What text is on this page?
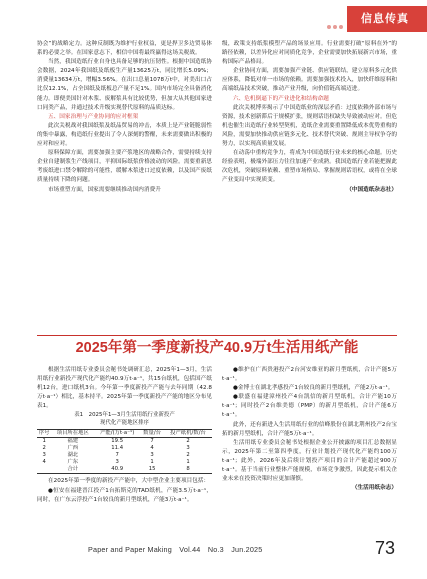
信息传真

协会”的战略定力。这种反制既为维护行业权益，更是捍卫多边贸易体系的必要之举。在国家意志下，相信中国将最终赢得这场关税战。

当然，我国造纸行业自身也具备足够的抗压韧性。根据中国造纸协会数据，2024年我国纸及纸板生产量13625万t，同比增长5.09%；消费量13634万t，增幅3.56%。在出口总量1078万t中，对美出口占比仅12.1%，占全国纸及纸板总产量不足1%。国内市场完全具备消化能力。即便美国针对木浆、废解浆具有比较优势，但加大从其他国家进口同类产品，并通过技术升级实现替代原料的品质达标。

五、国家治理与产业协同的应对框架

此次关税战对我国纸浆及纸品贸易的冲击，本质上是产业链脆弱性的集中暴露，构造纸行业提出了令人深刻的警醒，未来需要做出积极的应对和应对。

原料保障方面，需要加强主要产浆地区的战略合作，需要持续支持企业自建制浆生产线项目，平抑国际纸浆价格波动的风险。需要重新思考废纸进口禁令解除的可能性，缓解木浆进口过度依赖，以及国产废纸质量持续下降的问题。

市场重塑方面，国家需要继续推动国内消费升

级，政策支持纸浆模塑产品的场景应用。行业需要打破“原料在外”的路径依赖，以差异化应对同质化竞争，企业需要加快拓展新兴市场，重构国际产品格局。

企业协同方面，需要加强产业链、供应链联结，建立原料多元化供应体系，降低对单一市场的依赖。需要加强技术投入，加快纤维原料和高端纸品技术突破，推动产业升级，向价值链高端迈进。

六、危机倒逼下的产业进化和结构命题

此次关税博弈揭示了中国造纸业的深层矛盾：过度依赖外部市场与资源，技术创新滞后于规模扩张，规则话语权缺失导致被动应对。但危机也催生出造纸行业转型契机，造纸企业需要重置降低成本优势重构的风险，需要加快推动供应链多元化、技术替代突破、规则主导权争夺的努力，以实现高质量发展。

在动荡中重构竞争力，将成为中国造纸行业未来的核心命题。历史经验表明，极端外部压力往往加速产业成熟。我国造纸行业若能把握此次危机，突破原料依赖、重塑市场格局、掌握规则话语权，或将在全球产业变局中实现质变。

（中国造纸杂志社）

2025年第一季度新投产40.9万t生活用纸产能

根据生活用纸专业委员会秘书处调研汇总，2025年1—3月，生活用纸行业新投产现代化产能约40.9万t·a⁻¹，共15台纸机，包括国产纸机12台，进口纸机3台。今年第一季度新投产产能与去年同期（42.8万t·a⁻¹）相比，基本持平。2025年第一季度新投产产能的地区分布见表1。

表1　2025年1—3月生活用纸行业新投产
现代化产能地区排序
序号	项目所在地区	产能/(万t·a⁻¹)	数量/台	投产纸机/数/台
1	福建	19.5	7	2
2	广西	11.4	4	3
3	湖北	7	3	2
4	广东	3	1	1
	合计	40.9	15	8

在2025年第一季度的新投产产能中，大中型企业主要项目包括：

●恒安在福建晋江投产1台拓斯克的TAD纸机，产能3.5万t·a⁻¹，同时，在广东云浮投产1台较良的新月型纸机，产能3万t·a⁻¹。

●维护在广西贵港投产2台河安维亚的新月型纸机，合计产能5万t·a⁻¹。

●金博士在湖北孝感投产1台较良的新月型纸机，产能2万t·a⁻¹。

●联盛在福建漳州投产4台凯信的新月型纸机，合计产能10万t·a⁻¹；同时投产2台维美德（PMP）的新月型纸机，合计产能6万t·a⁻¹。

此外，还有新进入生活用纸行业的信峰股份在湖北荆州投产2台宝拓的新月型纸机，合计产能5万t·a⁻¹。

生活用纸专业委员会秘书处根据企业公开披露的项目汇总数据显示，2025年第二至第四季度，行业计划投产现代化产能约100万t·a⁻¹；此外，2026年及后续计划投产项目的合计产能超过900万t·a⁻¹。基于当前行业整体产能规模，市场竞争激烈，因此提示相关企业未来在投资决策时应更加谨慎。

（生活用纸杂志）

Paper and Paper Making　Vol.44　No.3　Jun.2025	73
